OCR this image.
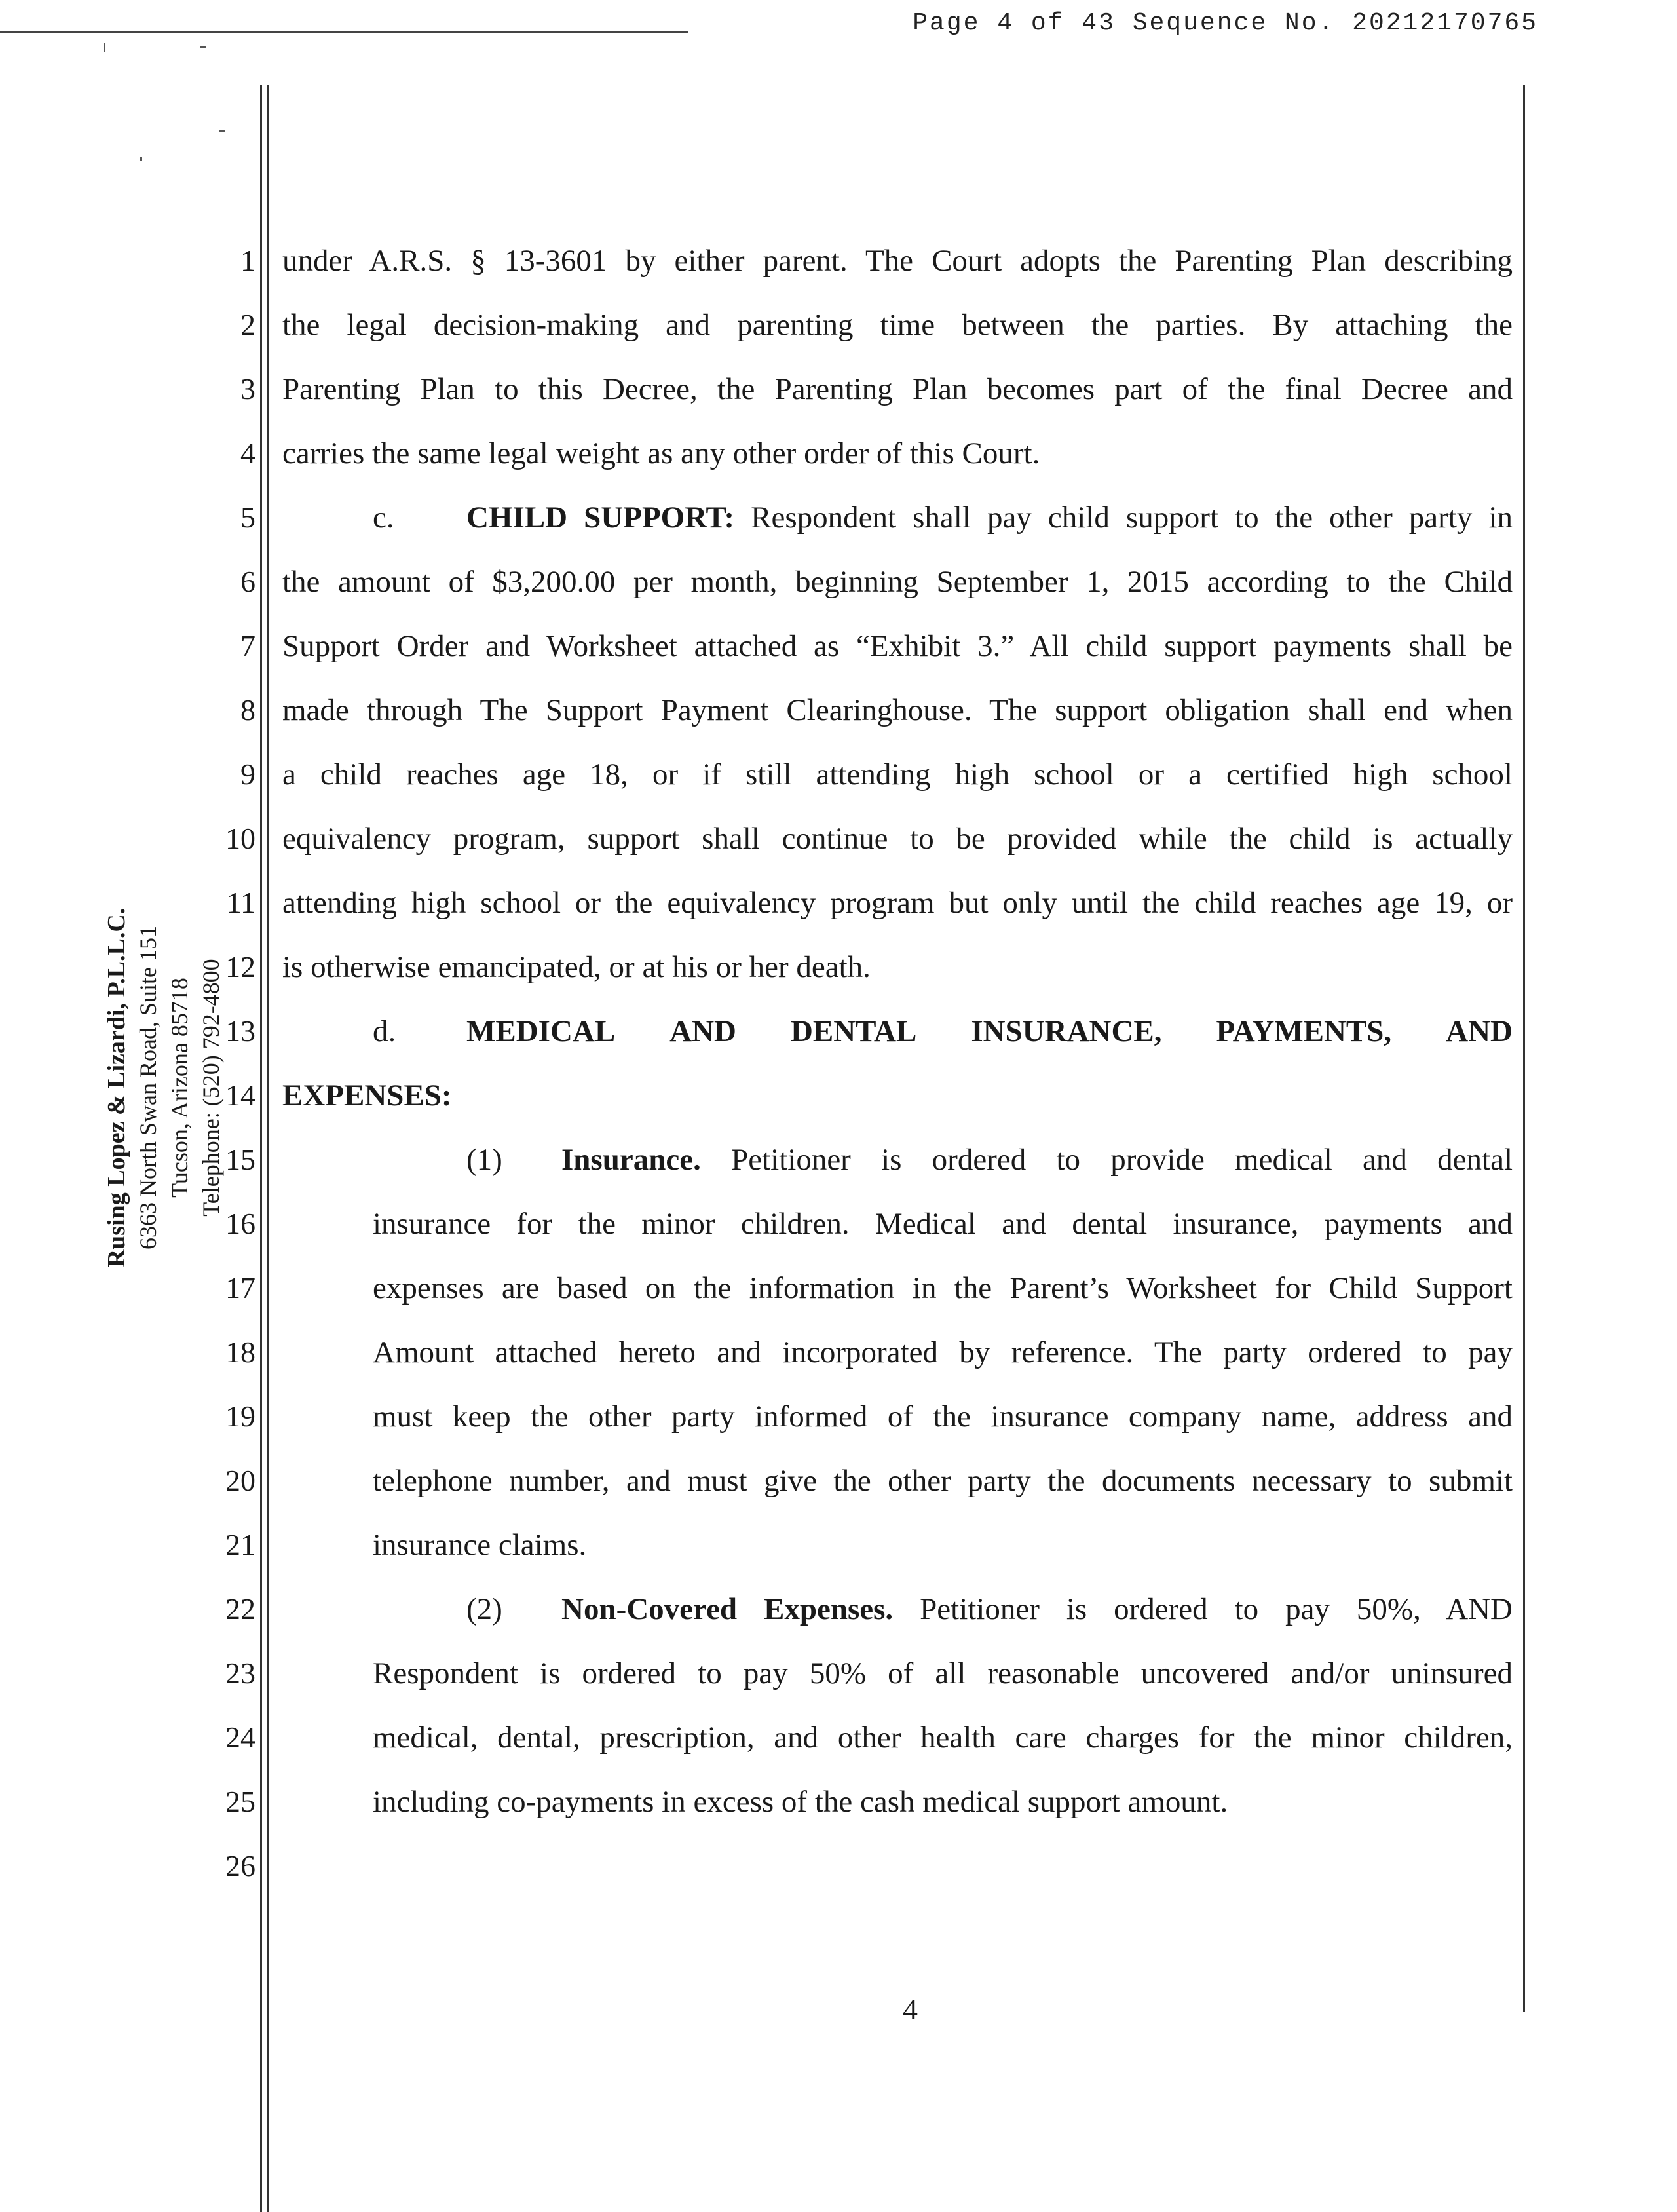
Page 4 of 43 Sequence No. 20212170765
Rusing Lopez & Lizardi, P.L.L.C. 6363 North Swan Road, Suite 151 Tucson, Arizona 85718 Telephone: (520) 792-4800
1
2
3
4
5
6
7
8
9
10
11
12
13
14
15
16
17
18
19
20
21
22
23
24
25
26
under A.R.S. § 13-3601 by either parent. The Court adopts the Parenting Plan describing
the legal decision-making and parenting time between the parties. By attaching the
Parenting Plan to this Decree, the Parenting Plan becomes part of the final Decree and
carries the same legal weight as any other order of this Court.
c. CHILD SUPPORT: Respondent shall pay child support to the other party in
the amount of $3,200.00 per month, beginning September 1, 2015 according to the Child
Support Order and Worksheet attached as “Exhibit 3.” All child support payments shall be
made through The Support Payment Clearinghouse. The support obligation shall end when
a child reaches age 18, or if still attending high school or a certified high school
equivalency program, support shall continue to be provided while the child is actually
attending high school or the equivalency program but only until the child reaches age 19, or
is otherwise emancipated, or at his or her death.
d. MEDICAL AND DENTAL INSURANCE, PAYMENTS, AND
EXPENSES:
(1) Insurance. Petitioner is ordered to provide medical and dental
insurance for the minor children. Medical and dental insurance, payments and
expenses are based on the information in the Parent’s Worksheet for Child Support
Amount attached hereto and incorporated by reference. The party ordered to pay
must keep the other party informed of the insurance company name, address and
telephone number, and must give the other party the documents necessary to submit
insurance claims.
(2) Non-Covered Expenses. Petitioner is ordered to pay 50%, AND
Respondent is ordered to pay 50% of all reasonable uncovered and/or uninsured
medical, dental, prescription, and other health care charges for the minor children,
including co-payments in excess of the cash medical support amount.
4
